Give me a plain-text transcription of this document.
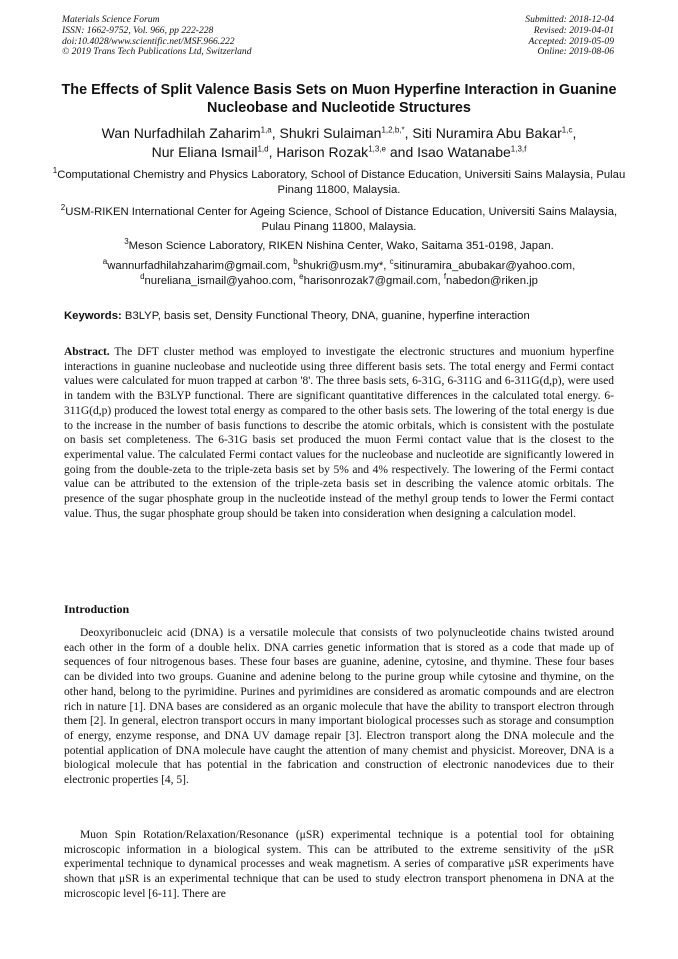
Materials Science Forum
ISSN: 1662-9752, Vol. 966, pp 222-228
doi:10.4028/www.scientific.net/MSF.966.222
© 2019 Trans Tech Publications Ltd, Switzerland
Submitted: 2018-12-04
Revised: 2019-04-01
Accepted: 2019-05-09
Online: 2019-08-06
The Effects of Split Valence Basis Sets on Muon Hyperfine Interaction in Guanine Nucleobase and Nucleotide Structures
Wan Nurfadhilah Zaharim$^{1,a}$, Shukri Sulaiman$^{1,2,b,*}$, Siti Nuramira Abu Bakar$^{1,c}$,
Nur Eliana Ismail$^{1,d}$, Harison Rozak$^{1,3,e}$ and Isao Watanabe$^{1,3,f}$
$^1$Computational Chemistry and Physics Laboratory, School of Distance Education, Universiti Sains Malaysia, Pulau Pinang 11800, Malaysia.
$^2$USM-RIKEN International Center for Ageing Science, School of Distance Education, Universiti Sains Malaysia, Pulau Pinang 11800, Malaysia.
$^3$Meson Science Laboratory, RIKEN Nishina Center, Wako, Saitama 351-0198, Japan.
$^a$wannurfadhilahzaharim@gmail.com, $^b$shukri@usm.my*, $^c$sitinuramira_abubakar@yahoo.com,
$^d$nureliana_ismail@yahoo.com, $^e$harisonrozak7@gmail.com, $^f$nabedon@riken.jp
Keywords: B3LYP, basis set, Density Functional Theory, DNA, guanine, hyperfine interaction
Abstract. The DFT cluster method was employed to investigate the electronic structures and muonium hyperfine interactions in guanine nucleobase and nucleotide using three different basis sets. The total energy and Fermi contact values were calculated for muon trapped at carbon '8'. The three basis sets, 6-31G, 6-311G and 6-311G(d,p), were used in tandem with the B3LYP functional. There are significant quantitative differences in the calculated total energy. 6-311G(d,p) produced the lowest total energy as compared to the other basis sets. The lowering of the total energy is due to the increase in the number of basis functions to describe the atomic orbitals, which is consistent with the postulate on basis set completeness. The 6-31G basis set produced the muon Fermi contact value that is the closest to the experimental value. The calculated Fermi contact values for the nucleobase and nucleotide are significantly lowered in going from the double-zeta to the triple-zeta basis set by 5% and 4% respectively. The lowering of the Fermi contact value can be attributed to the extension of the triple-zeta basis set in describing the valence atomic orbitals. The presence of the sugar phosphate group in the nucleotide instead of the methyl group tends to lower the Fermi contact value. Thus, the sugar phosphate group should be taken into consideration when designing a calculation model.
Introduction

Deoxyribonucleic acid (DNA) is a versatile molecule that consists of two polynucleotide chains twisted around each other in the form of a double helix. DNA carries genetic information that is stored as a code that made up of sequences of four nitrogenous bases. These four bases are guanine, adenine, cytosine, and thymine. These four bases can be divided into two groups. Guanine and adenine belong to the purine group while cytosine and thymine, on the other hand, belong to the pyrimidine. Purines and pyrimidines are considered as aromatic compounds and are electron rich in nature [1]. DNA bases are considered as an organic molecule that have the ability to transport electron through them [2]. In general, electron transport occurs in many important biological processes such as storage and consumption of energy, enzyme response, and DNA UV damage repair [3]. Electron transport along the DNA molecule and the potential application of DNA molecule have caught the attention of many chemist and physicist. Moreover, DNA is a biological molecule that has potential in the fabrication and construction of electronic nanodevices due to their electronic properties [4, 5].

Muon Spin Rotation/Relaxation/Resonance (μSR) experimental technique is a potential tool for obtaining microscopic information in a biological system. This can be attributed to the extreme sensitivity of the μSR experimental technique to dynamical processes and weak magnetism. A series of comparative μSR experiments have shown that μSR is an experimental technique that can be used to study electron transport phenomena in DNA at the microscopic level [6-11]. There are
